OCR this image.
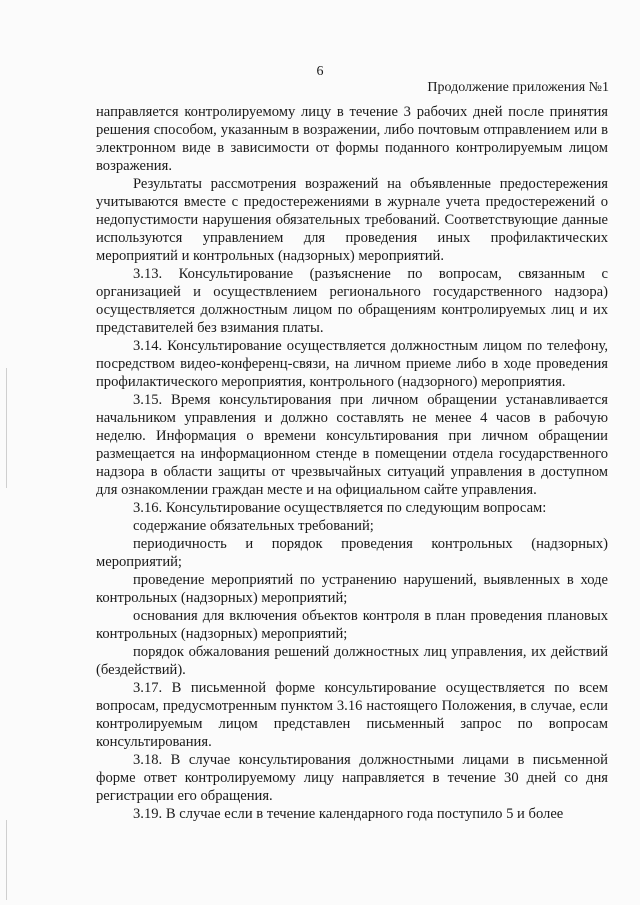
6
Продолжение приложения №1

направляется контролируемому лицу в течение 3 рабочих дней после принятия решения способом, указанным в возражении, либо почтовым отправлением или в электронном виде в зависимости от формы поданного контролируемым лицом возражения.

Результаты рассмотрения возражений на объявленные предостережения учитываются вместе с предостережениями в журнале учета предостережений о недопустимости нарушения обязательных требований. Соответствующие данные используются управлением для проведения иных профилактических мероприятий и контрольных (надзорных) мероприятий.

3.13. Консультирование (разъяснение по вопросам, связанным с организацией и осуществлением регионального государственного надзора) осуществляется должностным лицом по обращениям контролируемых лиц и их представителей без взимания платы.

3.14. Консультирование осуществляется должностным лицом по телефону, посредством видео-конференц-связи, на личном приеме либо в ходе проведения профилактического мероприятия, контрольного (надзорного) мероприятия.

3.15. Время консультирования при личном обращении устанавливается начальником управления и должно составлять не менее 4 часов в рабочую неделю. Информация о времени консультирования при личном обращении размещается на информационном стенде в помещении отдела государственного надзора в области защиты от чрезвычайных ситуаций управления в доступном для ознакомлении граждан месте и на официальном сайте управления.

3.16. Консультирование осуществляется по следующим вопросам:

содержание обязательных требований;

периодичность и порядок проведения контрольных (надзорных) мероприятий;

проведение мероприятий по устранению нарушений, выявленных в ходе контрольных (надзорных) мероприятий;

основания для включения объектов контроля в план проведения плановых контрольных (надзорных) мероприятий;

порядок обжалования решений должностных лиц управления, их действий (бездействий).

3.17. В письменной форме консультирование осуществляется по всем вопросам, предусмотренным пунктом 3.16 настоящего Положения, в случае, если контролируемым лицом представлен письменный запрос по вопросам консультирования.

3.18. В случае консультирования должностными лицами в письменной форме ответ контролируемому лицу направляется в течение 30 дней со дня регистрации его обращения.

3.19. В случае если в течение календарного года поступило 5 и более
